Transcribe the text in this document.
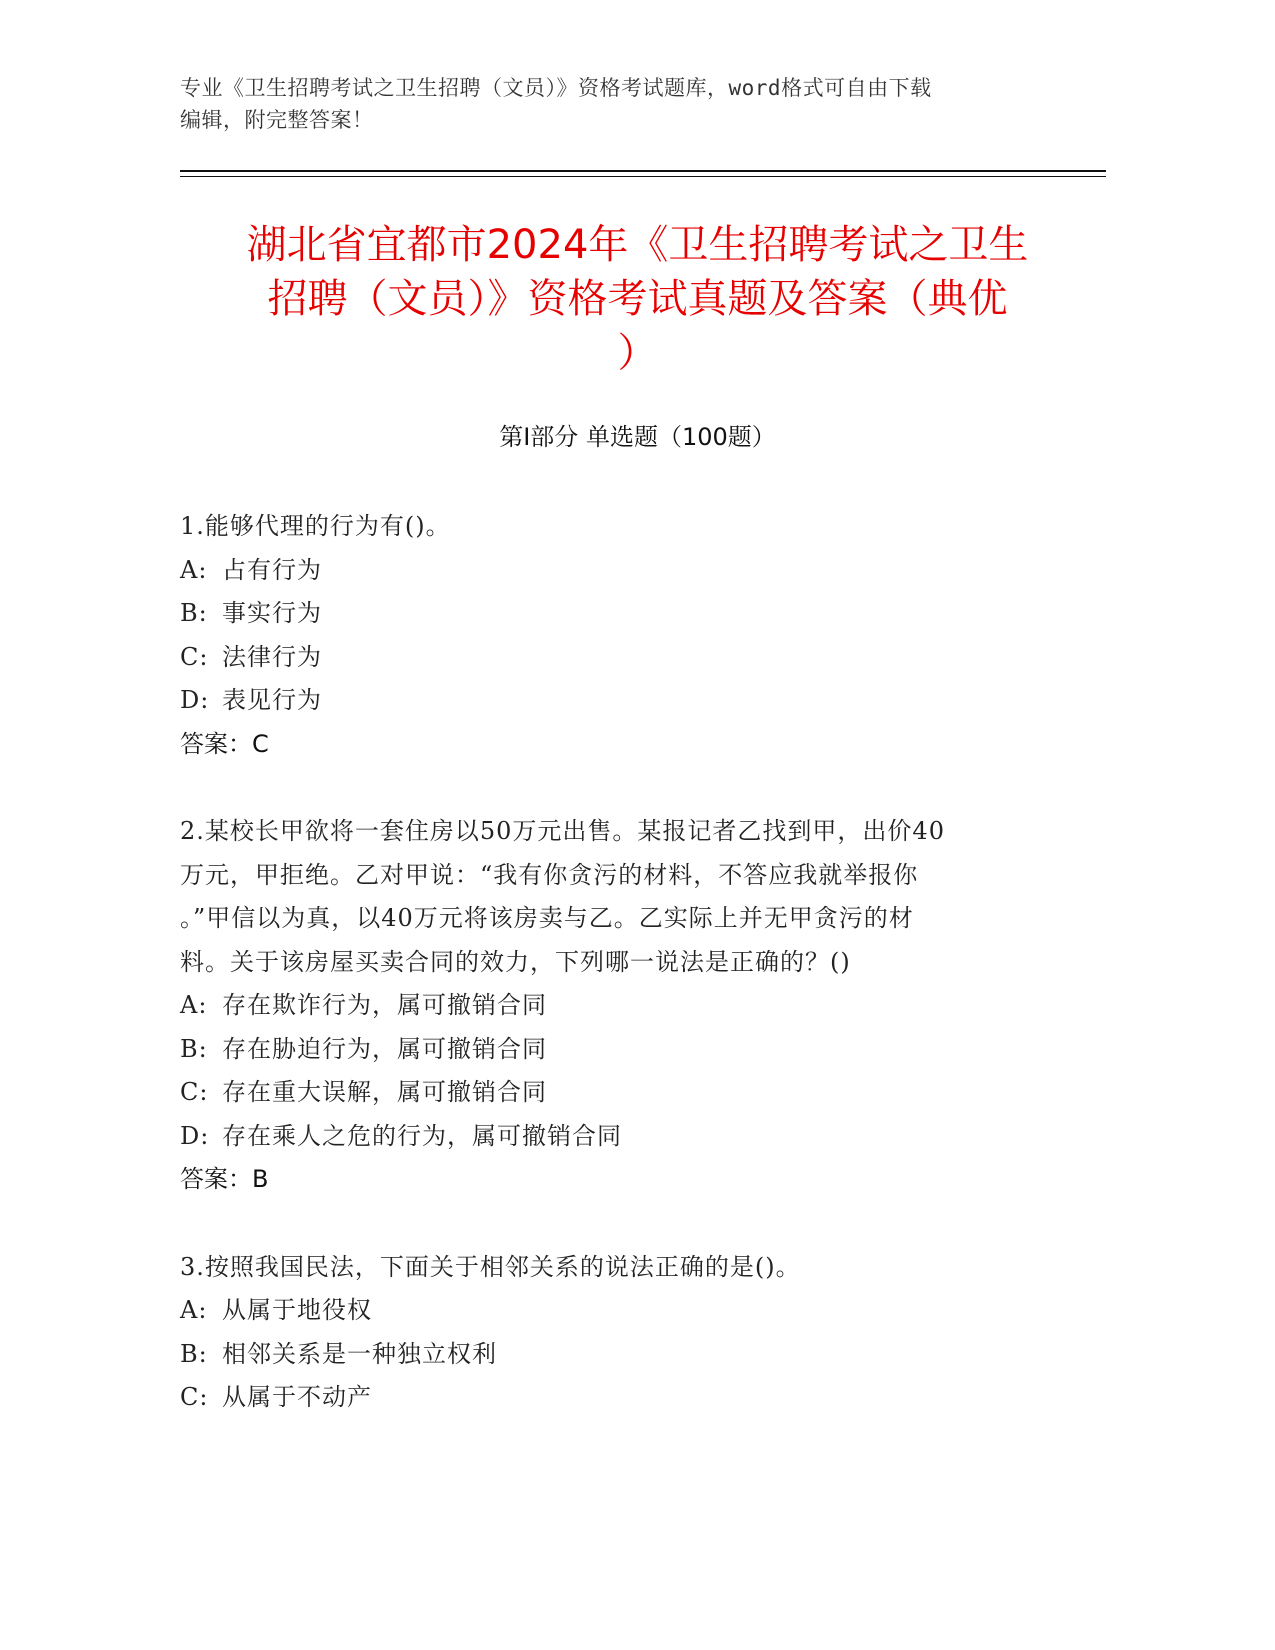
专业《卫生招聘考试之卫生招聘（文员）》资格考试题库，word格式可自由下载
编辑，附完整答案！
湖北省宜都市2024年《卫生招聘考试之卫生
招聘（文员）》资格考试真题及答案（典优
）
第Ⅰ部分 单选题（100题）
1.能够代理的行为有()。
A: 占有行为
B: 事实行为
C: 法律行为
D: 表见行为
答案：C
2.某校长甲欲将一套住房以50万元出售。某报记者乙找到甲，出价40
万元，甲拒绝。乙对甲说：“我有你贪污的材料，不答应我就举报你
。”甲信以为真，以40万元将该房卖与乙。乙实际上并无甲贪污的材
料。关于该房屋买卖合同的效力，下列哪一说法是正确的？()
A: 存在欺诈行为，属可撤销合同
B: 存在胁迫行为，属可撤销合同
C: 存在重大误解，属可撤销合同
D: 存在乘人之危的行为，属可撤销合同
答案：B
3.按照我国民法，下面关于相邻关系的说法正确的是()。
A: 从属于地役权
B: 相邻关系是一种独立权利
C: 从属于不动产
